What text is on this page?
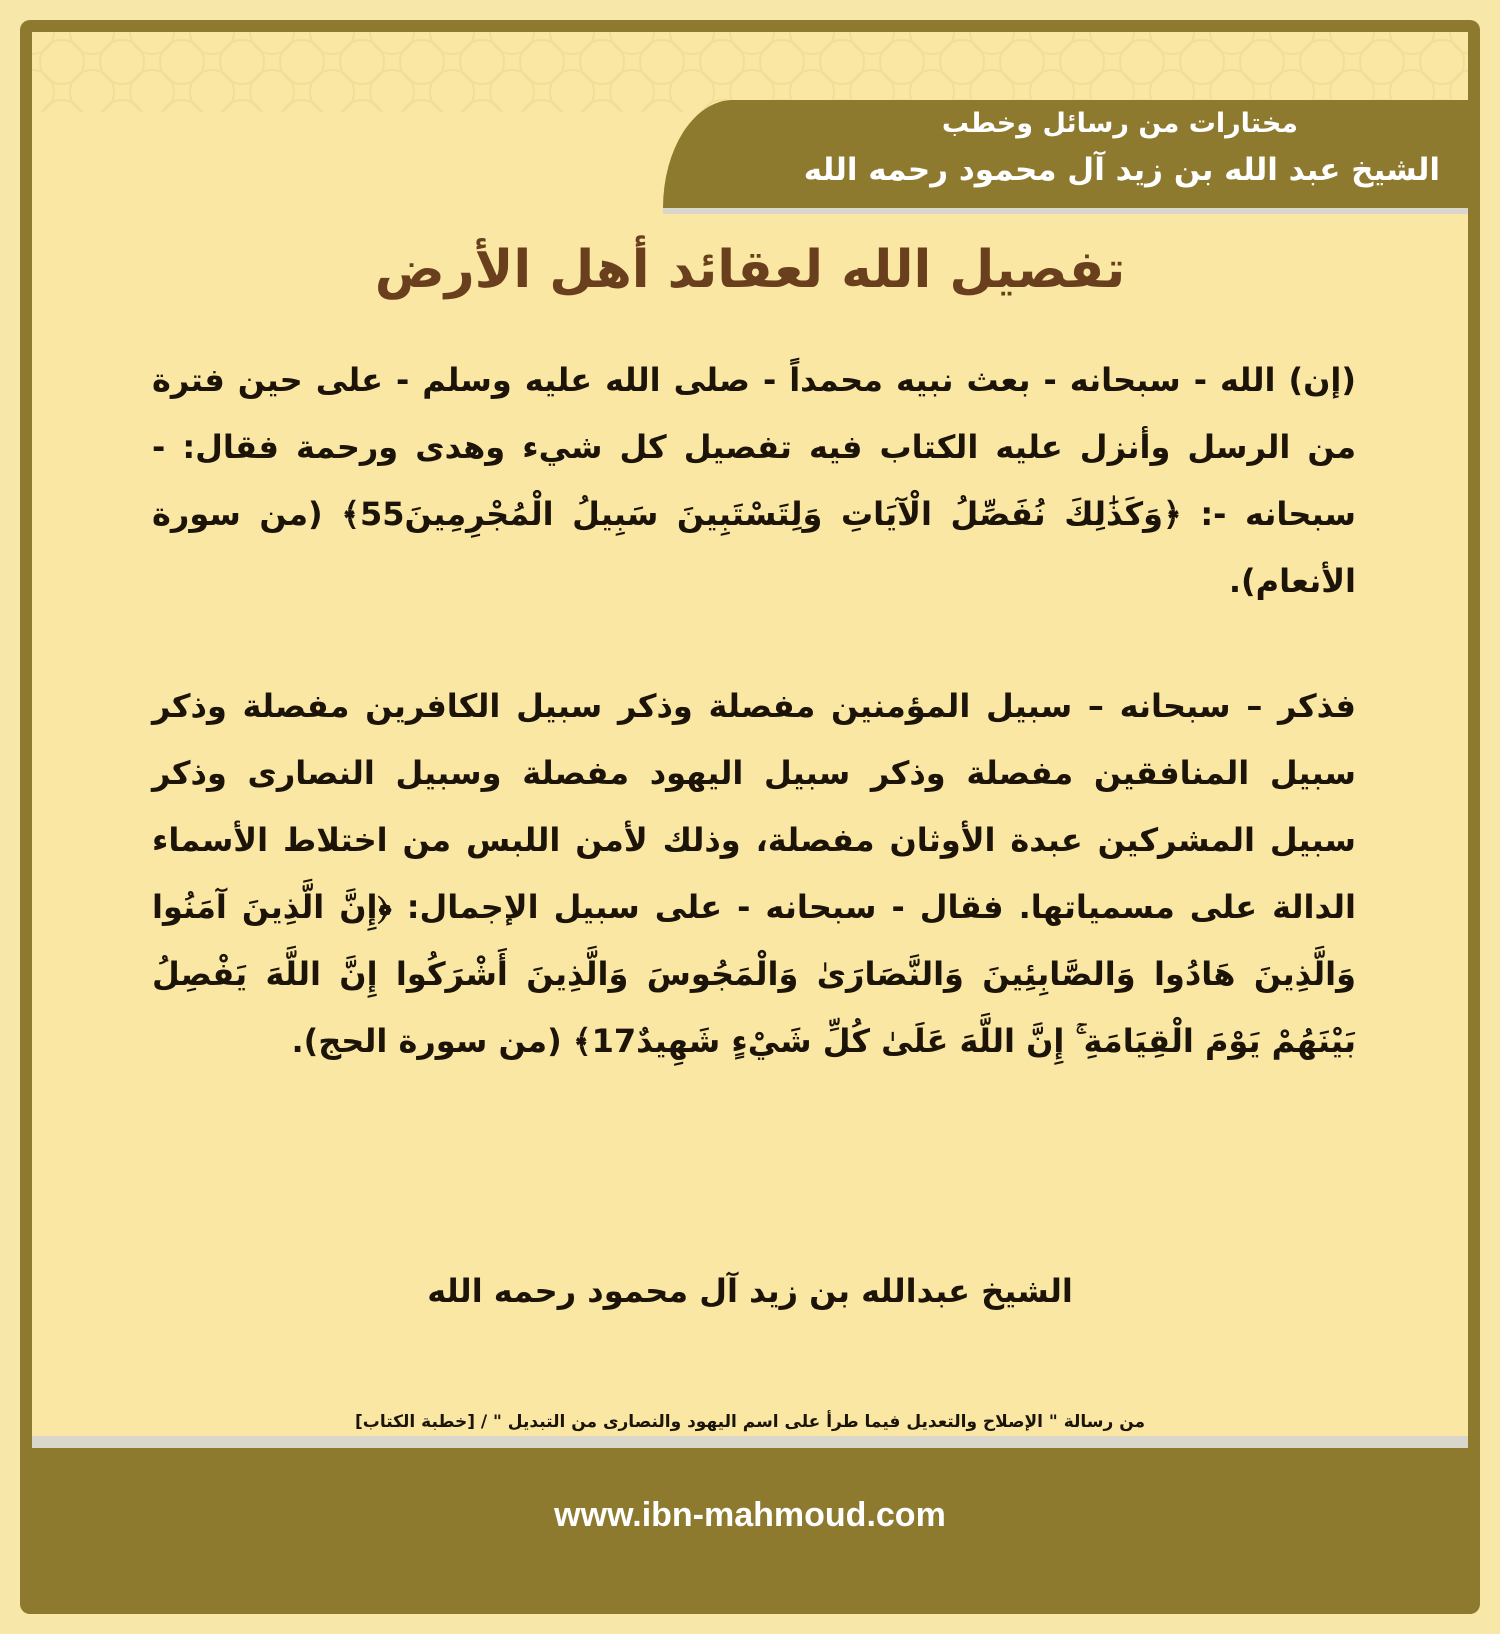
مختارات من رسائل وخطب
الشيخ عبد الله بن زيد آل محمود رحمه الله
تفصيل الله لعقائد أهل الأرض

(إن) الله - سبحانه - بعث نبيه محمداً - صلى الله عليه وسلم - على حين فترة من الرسل وأنزل عليه الكتاب فيه تفصيل كل شيء وهدى ورحمة فقال: - سبحانه -: ﴿وَكَذَٰلِكَ نُفَصِّلُ الْآيَاتِ وَلِتَسْتَبِينَ سَبِيلُ الْمُجْرِمِينَ55﴾ (من سورة الأنعام).

فذكر – سبحانه – سبيل المؤمنين مفصلة وذكر سبيل الكافرين مفصلة وذكر سبيل المنافقين مفصلة وذكر سبيل اليهود مفصلة وسبيل النصارى وذكر سبيل المشركين عبدة الأوثان مفصلة، وذلك لأمن اللبس من اختلاط الأسماء الدالة على مسمياتها. فقال - سبحانه - على سبيل الإجمال: ﴿إِنَّ الَّذِينَ آمَنُوا وَالَّذِينَ هَادُوا وَالصَّابِئِينَ وَالنَّصَارَىٰ وَالْمَجُوسَ وَالَّذِينَ أَشْرَكُوا إِنَّ اللَّهَ يَفْصِلُ بَيْنَهُمْ يَوْمَ الْقِيَامَةِ ۚ إِنَّ اللَّهَ عَلَىٰ كُلِّ شَيْءٍ شَهِيدٌ17﴾ (من سورة الحج).

الشيخ عبدالله بن زيد آل محمود رحمه الله
من رسالة " الإصلاح والتعديل فيما طرأ على اسم اليهود والنصارى من التبديل " / [خطبة الكتاب]
www.ibn-mahmoud.com
